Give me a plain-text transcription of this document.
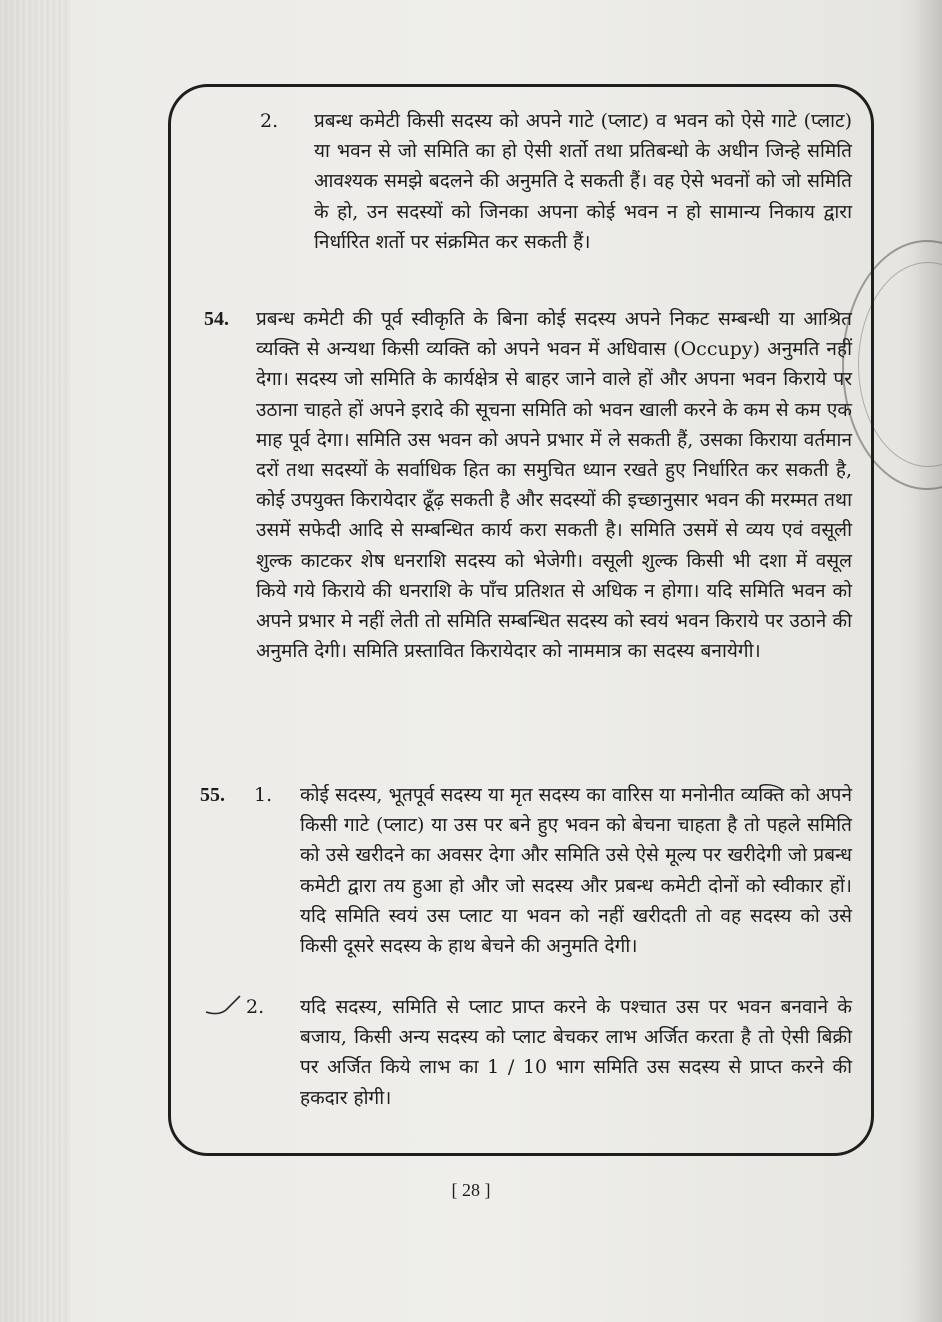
2. प्रबन्ध कमेटी किसी सदस्य को अपने गाटे (प्लाट) व भवन को ऐसे गाटे (प्लाट) या भवन से जो समिति का हो ऐसी शर्तो तथा प्रतिबन्धो के अधीन जिन्हे समिति आवश्यक समझे बदलने की अनुमति दे सकती हैं। वह ऐसे भवनों को जो समिति के हो, उन सदस्यों को जिनका अपना कोई भवन न हो सामान्य निकाय द्वारा निर्धारित शर्तो पर संक्रमित कर सकती हैं।

54. प्रबन्ध कमेटी की पूर्व स्वीकृति के बिना कोई सदस्य अपने निकट सम्बन्धी या आश्रित व्यक्ति से अन्यथा किसी व्यक्ति को अपने भवन में अधिवास (Occupy) अनुमति नहीं देगा। सदस्य जो समिति के कार्यक्षेत्र से बाहर जाने वाले हों और अपना भवन किराये पर उठाना चाहते हों अपने इरादे की सूचना समिति को भवन खाली करने के कम से कम एक माह पूर्व देगा। समिति उस भवन को अपने प्रभार में ले सकती हैं, उसका किराया वर्तमान दरों तथा सदस्यों के सर्वाधिक हित का समुचित ध्यान रखते हुए निर्धारित कर सकती है, कोई उपयुक्त किरायेदार ढूँढ़ सकती है और सदस्यों की इच्छानुसार भवन की मरम्मत तथा उसमें सफेदी आदि से सम्बन्धित कार्य करा सकती है। समिति उसमें से व्यय एवं वसूली शुल्क काटकर शेष धनराशि सदस्य को भेजेगी। वसूली शुल्क किसी भी दशा में वसूल किये गये किराये की धनराशि के पाँच प्रतिशत से अधिक न होगा। यदि समिति भवन को अपने प्रभार मे नहीं लेती तो समिति सम्बन्धित सदस्य को स्वयं भवन किराये पर उठाने की अनुमति देगी। समिति प्रस्तावित किरायेदार को नाममात्र का सदस्य बनायेगी।

55. 1. कोई सदस्य, भूतपूर्व सदस्य या मृत सदस्य का वारिस या मनोनीत व्यक्ति को अपने किसी गाटे (प्लाट) या उस पर बने हुए भवन को बेचना चाहता है तो पहले समिति को उसे खरीदने का अवसर देगा और समिति उसे ऐसे मूल्य पर खरीदेगी जो प्रबन्ध कमेटी द्वारा तय हुआ हो और जो सदस्य और प्रबन्ध कमेटी दोनों को स्वीकार हों। यदि समिति स्वयं उस प्लाट या भवन को नहीं खरीदती तो वह सदस्य को उसे किसी दूसरे सदस्य के हाथ बेचने की अनुमति देगी।

2. यदि सदस्य, समिति से प्लाट प्राप्त करने के पश्चात उस पर भवन बनवाने के बजाय, किसी अन्य सदस्य को प्लाट बेचकर लाभ अर्जित करता है तो ऐसी बिक्री पर अर्जित किये लाभ का 1 / 10 भाग समिति उस सदस्य से प्राप्त करने की हकदार होगी।

[ 28 ]
